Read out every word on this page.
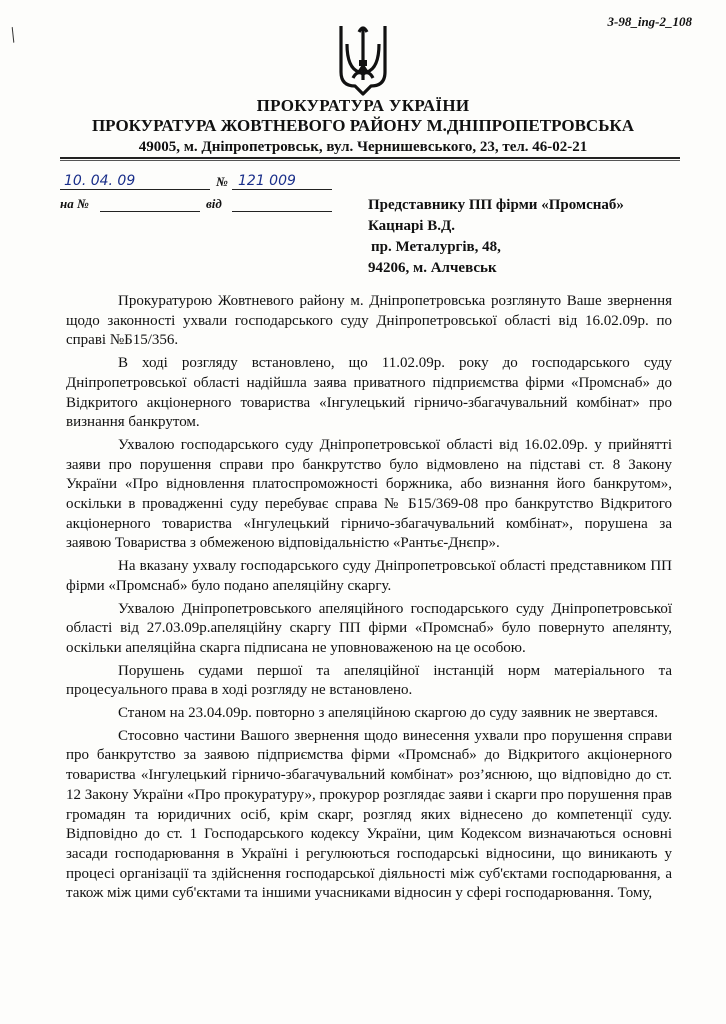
/
3-98_ing-2_108
ПРОКУРАТУРА УКРАЇНИ
ПРОКУРАТУРА ЖОВТНЕВОГО РАЙОНУ М.ДНІПРОПЕТРОВСЬКА
49005, м. Дніпропетровськ, вул. Чернишевського, 23, тел. 46-02-21
10. 04. 09	№ 121 009
на №	від	Представнику ПП фірми «Промснаб»
Кацнарі В.Д.
пр. Металургів, 48,
94206, м. Алчевськ

Прокуратурою Жовтневого району м. Дніпропетровська розглянуто Ваше звернення щодо законності ухвали господарського суду Дніпропетровської області від 16.02.09р. по справі №Б15/356.

В ході розгляду встановлено, що 11.02.09р. року до господарського суду Дніпропетровської області надійшла заява приватного підприємства фірми «Промснаб» до Відкритого акціонерного товариства «Інгулецький гірничо-збагачувальний комбінат» про визнання банкрутом.

Ухвалою господарського суду Дніпропетровської області від 16.02.09р. у прийнятті заяви про порушення справи про банкрутство було відмовлено на підставі ст. 8 Закону України «Про відновлення платоспроможності боржника, або визнання його банкрутом», оскільки в провадженні суду перебуває справа № Б15/369-08 про банкрутство Відкритого акціонерного товариства «Інгулецький гірничо-збагачувальний комбінат», порушена за заявою Товариства з обмеженою відповідальністю «Рантьє-Днєпр».

На вказану ухвалу господарського суду Дніпропетровської області представником ПП фірми «Промснаб» було подано апеляційну скаргу.

Ухвалою Дніпропетровського апеляційного господарського суду Дніпропетровської області від 27.03.09р.апеляційну скаргу ПП фірми «Промснаб» було повернуто апелянту, оскільки апеляційна скарга підписана не уповноваженою на це особою.

Порушень судами першої та апеляційної інстанцій норм матеріального та процесуального права в ході розгляду не встановлено.

Станом на 23.04.09р. повторно з апеляційною скаргою до суду заявник не звертався.

Стосовно частини Вашого звернення щодо винесення ухвали про порушення справи про банкрутство за заявою підприємства фірми «Промснаб» до Відкритого акціонерного товариства «Інгулецький гірничо-збагачувальний комбінат» роз’яснюю, що відповідно до ст. 12 Закону України «Про прокуратуру», прокурор розглядає заяви і скарги про порушення прав громадян та юридичних осіб, крім скарг, розгляд яких віднесено до компетенції суду. Відповідно до ст. 1 Господарського кодексу України, цим Кодексом визначаються основні засади господарювання в Україні і регулюються господарські відносини, що виникають у процесі організації та здійснення господарської діяльності між суб'єктами господарювання, а також між цими суб'єктами та іншими учасниками відносин у сфері господарювання. Тому,
